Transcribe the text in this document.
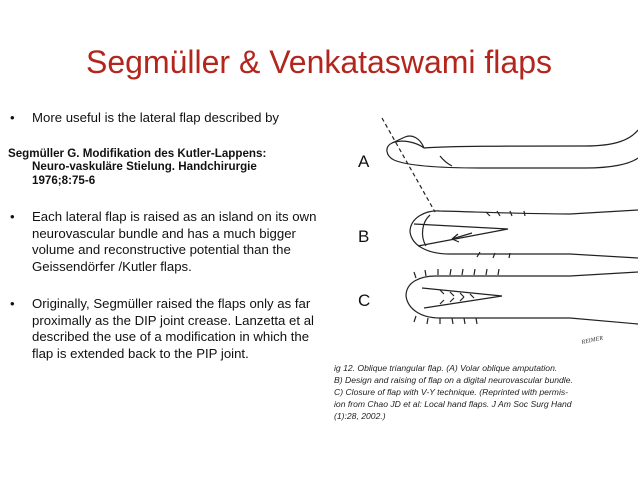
Segmüller & Venkataswami flaps
• More useful is the lateral flap described by
Segmüller G. Modifikation des Kutler-Lappens:
Neuro-vaskuläre Stielung. Handchirurgie
1976;8:75-6
• Each lateral flap is raised as an island on its own neurovascular bundle and has a much bigger volume and reconstructive potential than the Geissendörfer /Kutler flaps.
• Originally, Segmüller raised the flaps only as far proximally as the DIP joint crease. Lanzetta et al described the use of a modification in which the flap is extended back to the PIP joint.
A
B
C
REIMER
ig 12. Oblique triangular flap. (A) Volar oblique amputation.
B) Design and raising of flap on a digital neurovascular bundle.
C) Closure of flap with V-Y technique. (Reprinted with permis-
ion from Chao JD et al: Local hand flaps. J Am Soc Surg Hand
(1):28, 2002.)
